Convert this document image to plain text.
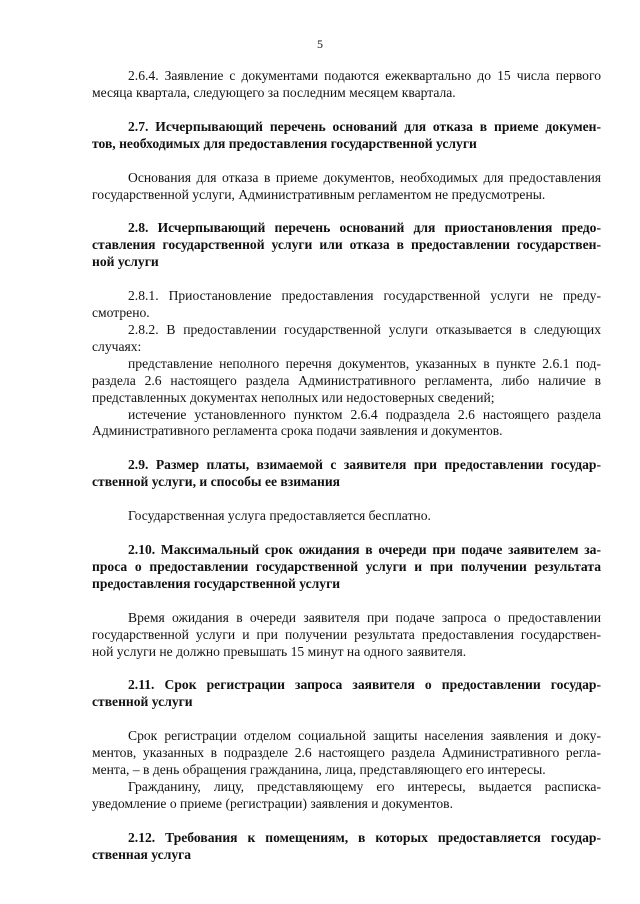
5
2.6.4. Заявление с документами подаются ежеквартально до 15 числа первого
месяца квартала, следующего за последним месяцем квартала.
2.7. Исчерпывающий перечень оснований для отказа в приеме докумен-
тов, необходимых для предоставления государственной услуги
Основания для отказа в приеме документов, необходимых для предоставления
государственной услуги, Административным регламентом не предусмотрены.
2.8. Исчерпывающий перечень оснований для приостановления предо-
ставления государственной услуги или отказа в предоставлении государствен-
ной услуги
2.8.1. Приостановление предоставления государственной услуги не преду-
смотрено.
2.8.2. В предоставлении государственной услуги отказывается в следующих
случаях:
представление неполного перечня документов, указанных в пункте 2.6.1 под-
раздела 2.6 настоящего раздела Административного регламента, либо наличие в
представленных документах неполных или недостоверных сведений;
истечение установленного пунктом 2.6.4 подраздела 2.6 настоящего раздела
Административного регламента срока подачи заявления и документов.
2.9. Размер платы, взимаемой с заявителя при предоставлении государ-
ственной услуги, и способы ее взимания
Государственная услуга предоставляется бесплатно.
2.10. Максимальный срок ожидания в очереди при подаче заявителем за-
проса о предоставлении государственной услуги и при получении результата
предоставления государственной услуги
Время ожидания в очереди заявителя при подаче запроса о предоставлении
государственной услуги и при получении результата предоставления государствен-
ной услуги не должно превышать 15 минут на одного заявителя.
2.11. Срок регистрации запроса заявителя о предоставлении государ-
ственной услуги
Срок регистрации отделом социальной защиты населения заявления и доку-
ментов, указанных в подразделе 2.6 настоящего раздела Административного регла-
мента, – в день обращения гражданина, лица, представляющего его интересы.
Гражданину, лицу, представляющему его интересы, выдается расписка-
уведомление о приеме (регистрации) заявления и документов.
2.12. Требования к помещениям, в которых предоставляется государ-
ственная услуга
